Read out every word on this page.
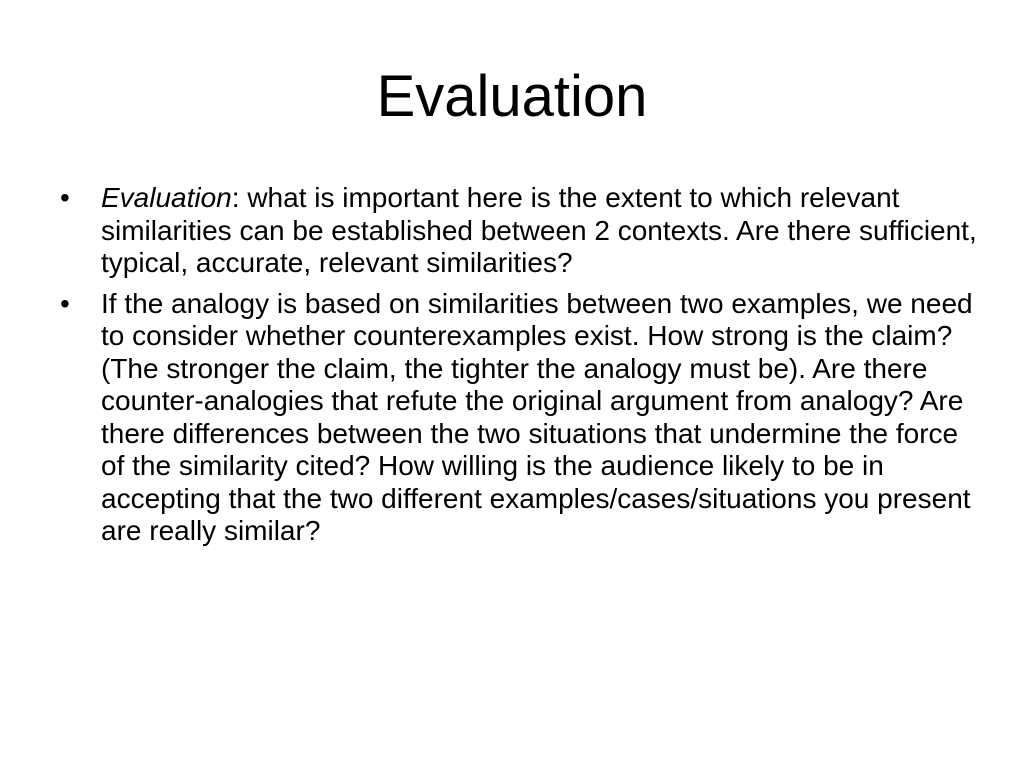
Evaluation
•	Evaluation: what is important here is the extent to which relevant similarities can be established between 2 contexts. Are there sufficient, typical, accurate, relevant similarities?
•	If the analogy is based on similarities between two examples, we need to consider whether counterexamples exist. How strong is the claim? (The stronger the claim, the tighter the analogy must be). Are there counter-analogies that refute the original argument from analogy? Are there differences between the two situations that undermine the force of the similarity cited? How willing is the audience likely to be in accepting that the two different examples/cases/situations you present are really similar?
